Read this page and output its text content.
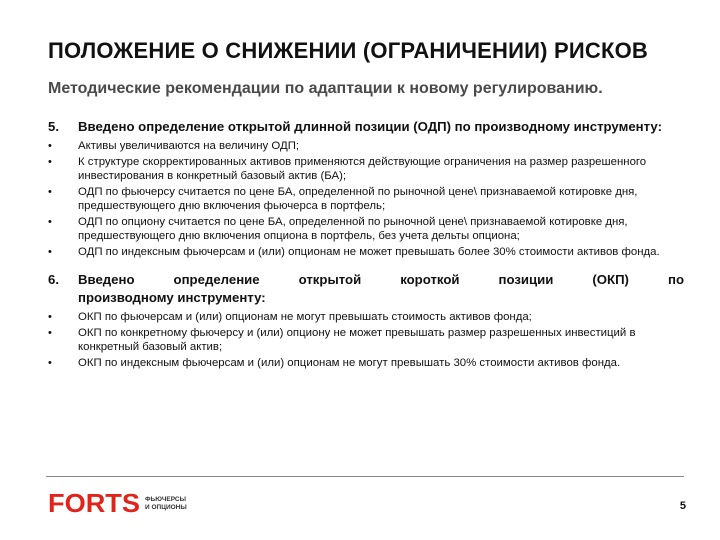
ПОЛОЖЕНИЕ О СНИЖЕНИИ (ОГРАНИЧЕНИИ) РИСКОВ
Методические рекомендации по адаптации к новому регулированию.
5. Введено определение открытой длинной позиции (ОДП) по производному инструменту:
•	Активы увеличиваются на величину ОДП;
•	К структуре скорректированных активов применяются действующие ограничения на размер разрешенного инвестирования в конкретный базовый актив (БА);
•	ОДП по фьючерсу считается по цене БА, определенной по рыночной цене\ признаваемой котировке дня, предшествующего дню включения фьючерса в портфель;
•	ОДП по опциону считается по цене БА, определенной по рыночной цене\ признаваемой котировке дня, предшествующего дню включения опциона в портфель, без учета дельты опциона;
•	ОДП по индексным фьючерсам и (или) опционам не может превышать более 30% стоимости активов фонда.
6. Введено определение открытой короткой позиции (ОКП) по
производному инструменту:
•	ОКП по фьючерсам и (или) опционам не могут превышать стоимость активов фонда;
•	ОКП по конкретному фьючерсу и (или) опциону не может превышать размер разрешенных инвестиций в конкретный базовый актив;
•	ОКП по индексным фьючерсам и (или) опционам не могут превышать 30% стоимости активов фонда.
FORTS ФЬЮЧЕРСЫ
И ОПЦИОНЫ	5
